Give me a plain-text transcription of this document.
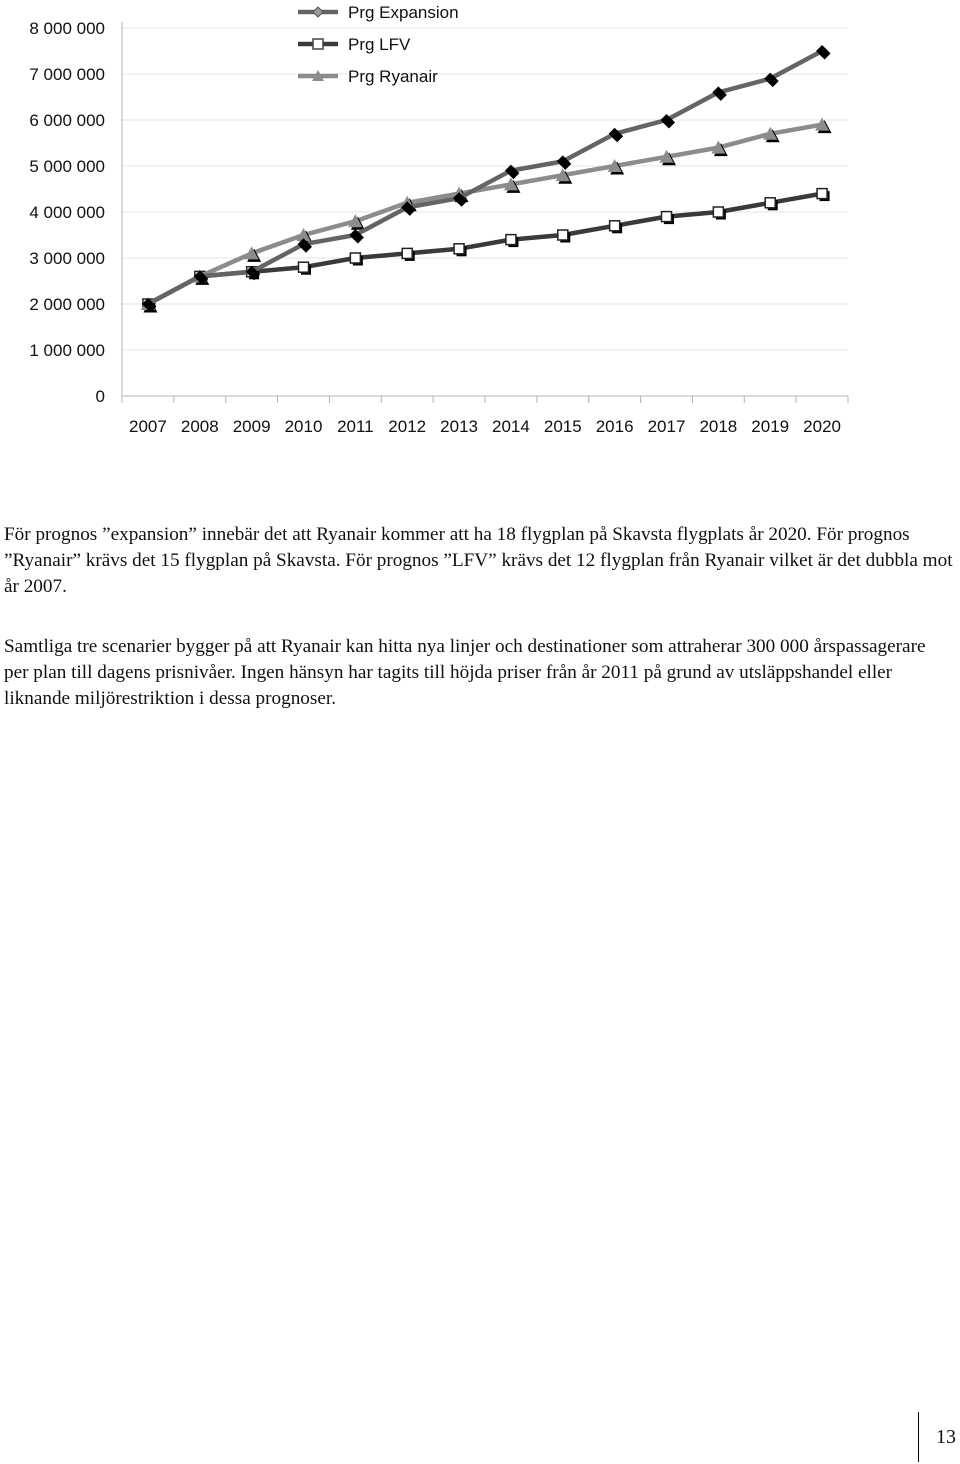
0
1 000 000
2 000 000
3 000 000
4 000 000
5 000 000
6 000 000
7 000 000
8 000 000
2007 2008 2009 2010 2011 2012 2013 2014 2015 2016 2017 2018 2019 2020
Prg Expansion
Prg LFV
Prg Ryanair

För prognos ”expansion” innebär det att Ryanair kommer att ha 18 flygplan på Skavsta flygplats år 2020. För prognos ”Ryanair” krävs det 15 flygplan på Skavsta. För prognos ”LFV” krävs det 12 flygplan från Ryanair vilket är det dubbla mot år 2007.

Samtliga tre scenarier bygger på att Ryanair kan hitta nya linjer och destinationer som attraherar 300 000 årspassagerare per plan till dagens prisnivåer. Ingen hänsyn har tagits till höjda priser från år 2011 på grund av utsläppshandel eller liknande miljörestriktion i dessa prognoser.

13
